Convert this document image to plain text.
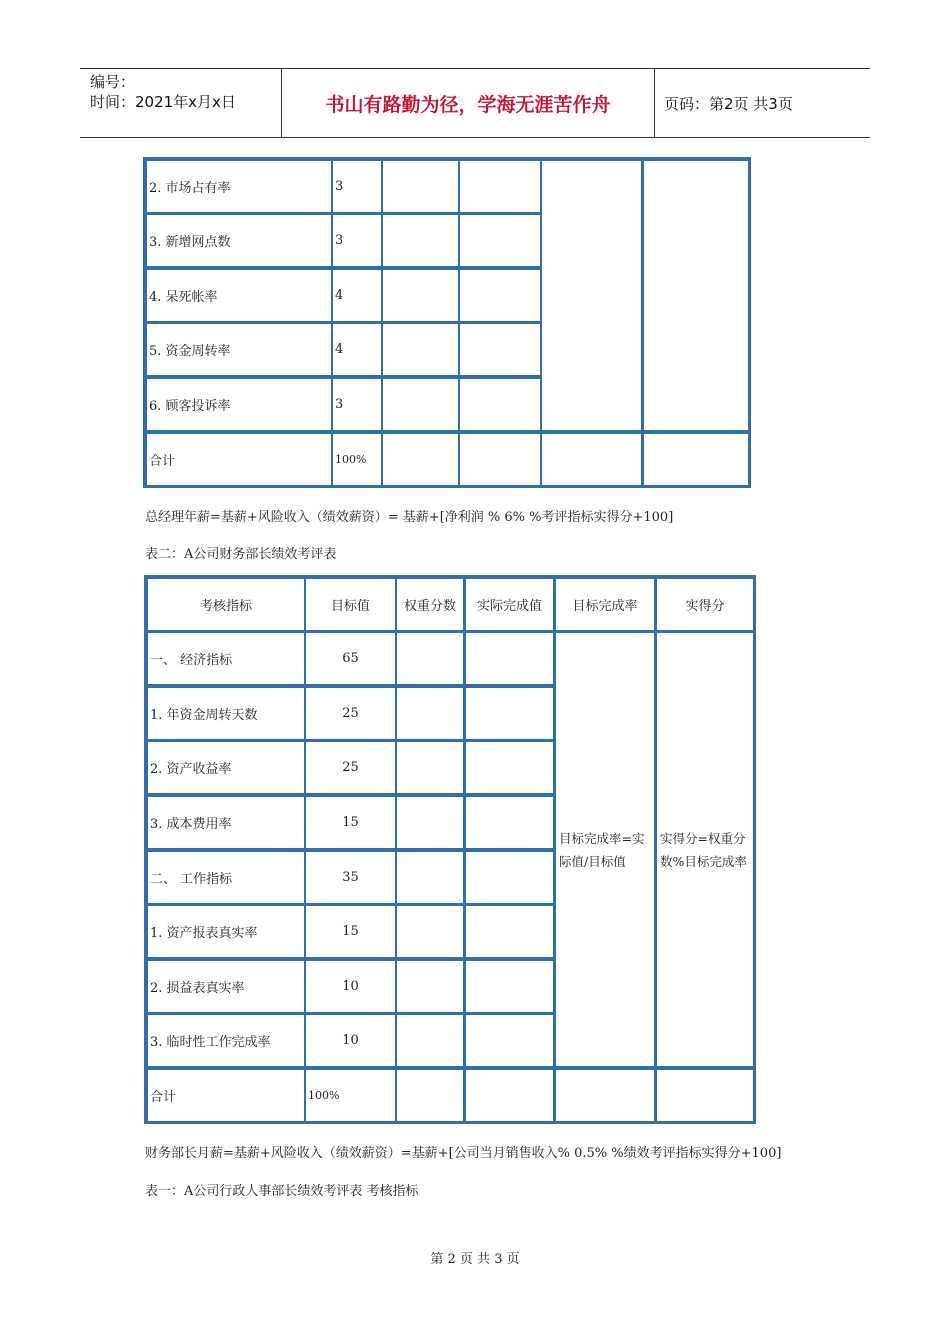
编号：
时间：2021年x月x日	书山有路勤为径，学海无涯苦作舟	页码：第2页 共3页
2. 市场占有率	3
3. 新增网点数	3
4. 呆死帐率	4
5. 资金周转率	4
6. 顾客投诉率	3
合计	100%
总经理年薪=基薪+风险收入（绩效薪资）= 基薪+[净利润 % 6% %考评指标实得分+100]
表二：A公司财务部长绩效考评表
考核指标	目标值	权重分数 实际完成值 目标完成率	实得分
一、 经济指标	65
1. 年资金周转天数	25
2. 资产收益率	25
3. 成本费用率	15
二、 工作指标	35
1. 资产报表真实率	15
2. 损益表真实率	10
3. 临时性工作完成率	10
目标完成率=实际值/目标值
实得分=权重分数%目标完成率
合计	100%
财务部长月薪=基薪+风险收入（绩效薪资）=基薪+[公司当月销售收入% 0.5% %绩效考评指标实得分+100]
表一：A公司行政人事部长绩效考评表 考核指标
第 2 页 共 3 页
